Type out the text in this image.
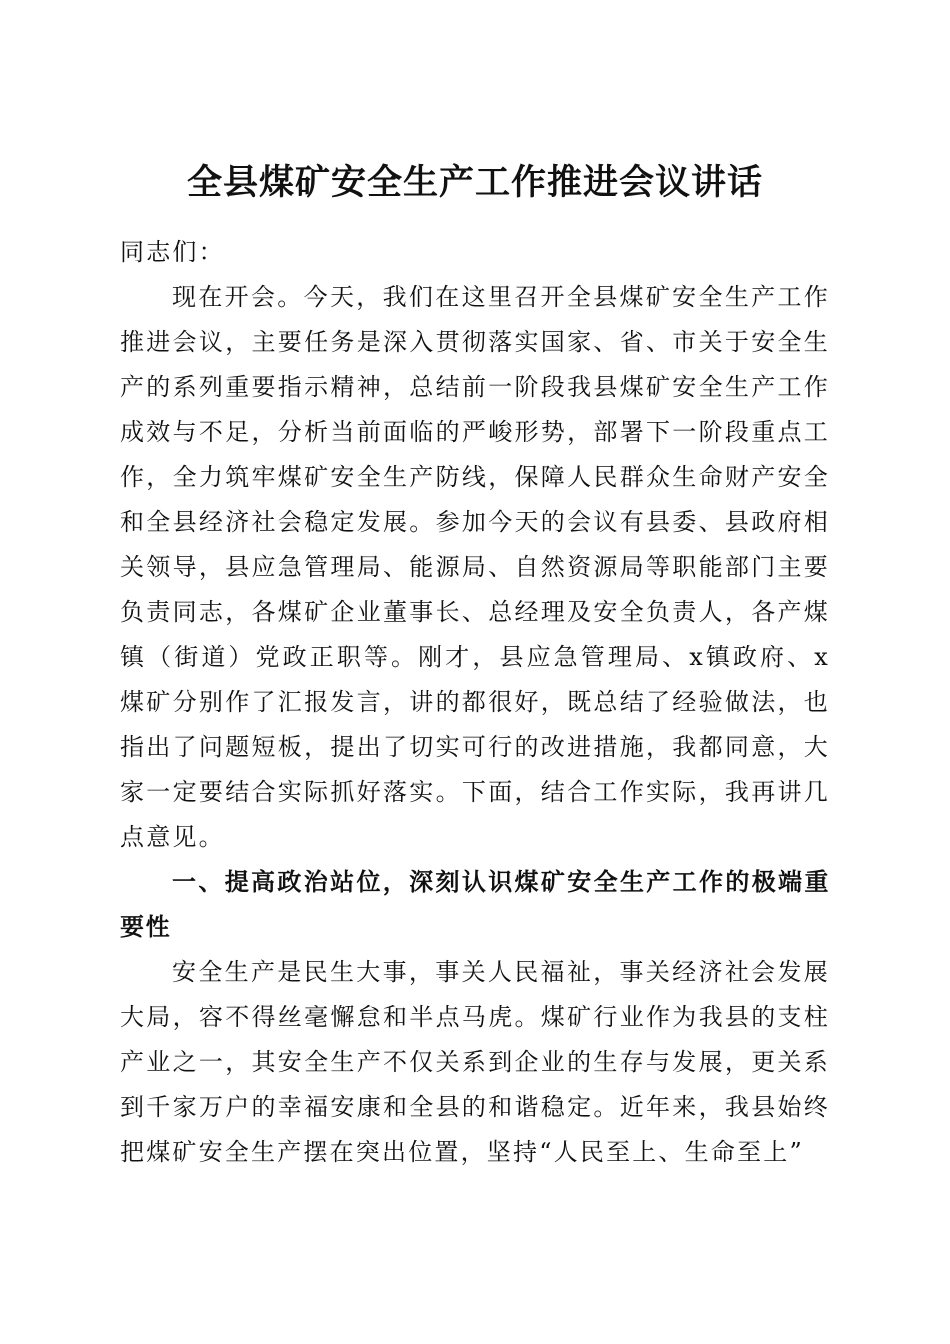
全县煤矿安全生产工作推进会议讲话

同志们：

现在开会。今天，我们在这里召开全县煤矿安全生产工作推进会议，主要任务是深入贯彻落实国家、省、市关于安全生产的系列重要指示精神，总结前一阶段我县煤矿安全生产工作成效与不足，分析当前面临的严峻形势，部署下一阶段重点工作，全力筑牢煤矿安全生产防线，保障人民群众生命财产安全和全县经济社会稳定发展。参加今天的会议有县委、县政府相关领导，县应急管理局、能源局、自然资源局等职能部门主要负责同志，各煤矿企业董事长、总经理及安全负责人，各产煤镇（街道）党政正职等。刚才，县应急管理局、x镇政府、x煤矿分别作了汇报发言，讲的都很好，既总结了经验做法，也指出了问题短板，提出了切实可行的改进措施，我都同意，大家一定要结合实际抓好落实。下面，结合工作实际，我再讲几点意见。

一、提高政治站位，深刻认识煤矿安全生产工作的极端重要性

安全生产是民生大事，事关人民福祉，事关经济社会发展大局，容不得丝毫懈怠和半点马虎。煤矿行业作为我县的支柱产业之一，其安全生产不仅关系到企业的生存与发展，更关系到千家万户的幸福安康和全县的和谐稳定。近年来，我县始终把煤矿安全生产摆在突出位置，坚持“人民至上、生命至上”
